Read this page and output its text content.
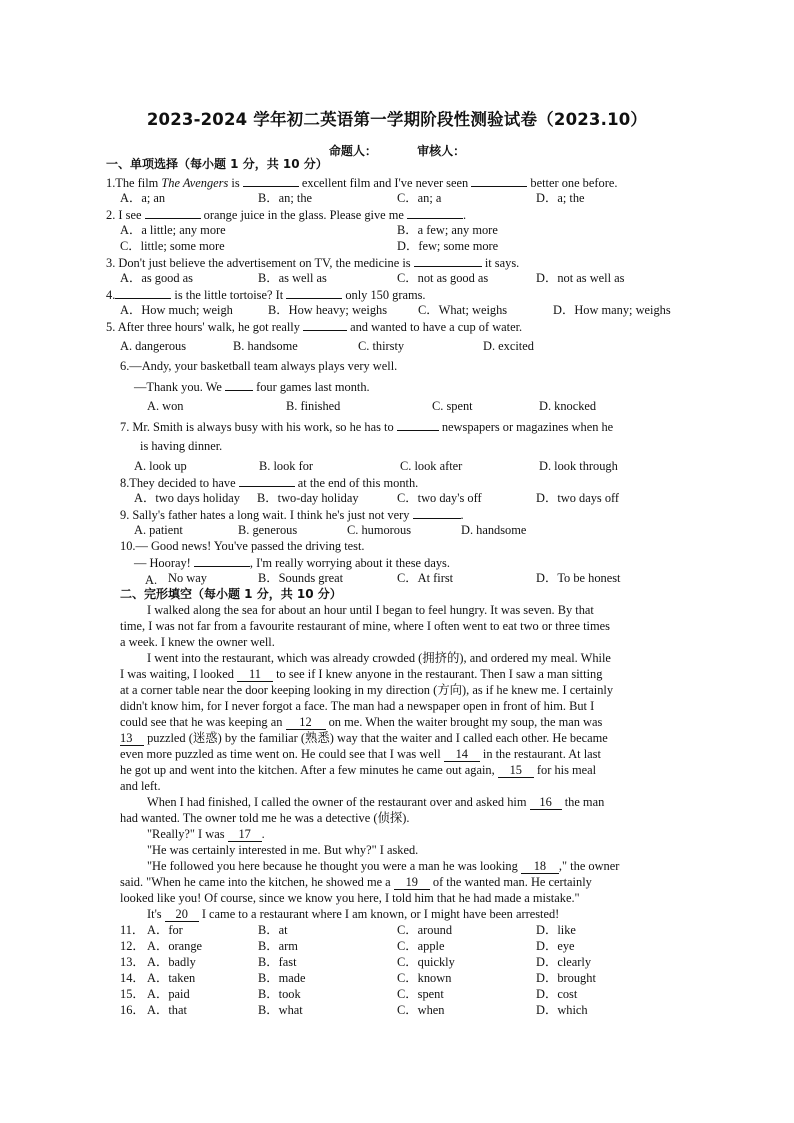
2023-2024 学年初二英语第一学期阶段性测验试卷（2023.10）
命题人：	审核人：
一、单项选择（每小题 1 分，共 10 分）
1.The film The Avengers is	excellent film and I've never seen	better one before.
A．a; an	B．an; the	C．an; a	D．a; the
2. I see	orange juice in the glass. Please give me	.
A．a little; any more	B．a few; any more
C．little; some more	D．few; some more
3. Don't just believe the advertisement on TV, the medicine is	it says.
A．as good as	B．as well as	C．not as good as	D．not as well as
4.	is the little tortoise? It	only 150 grams.
A．How much; weigh	B．How heavy; weighs C．What; weighs	D．How many; weighs
5. After three hours' walk, he got really	and wanted to have a cup of water.
A. dangerous	B. handsome	C. thirsty	D. excited
6.—Andy, your basketball team always plays very well.
—Thank you. We  four games last month.
A. won	B. finished	C. spent	D. knocked
7. Mr. Smith is always busy with his work, so he has to	newspapers or magazines when he
is having dinner.
A. look up	B. look for	C. look after	D. look through
8.They decided to have	at the end of this month.
A．two days holiday B．two-day holiday	C．two day's off	D．two days off
9. Sally's father hates a long wait. I think he's just not very	.
A. patient	B. generous	C. humorous	D. handsome
10.— Good news! You've passed the driving test.
— Hooray!	, I'm really worrying about it these days.
A. No way	B．Sounds great	C．At first	D．To be honest
二、完形填空（每小题 1 分，共 10 分）
I walked along the sea for about an hour until I began to feel hungry. It was seven. By that
time, I was not far from a favourite restaurant of mine, where I often went to eat two or three times
a week. I knew the owner well.
I went into the restaurant, which was already crowded (拥挤的), and ordered my meal. While
I was waiting, I looked 11 to see if I knew anyone in the restaurant. Then I saw a man sitting
at a corner table near the door keeping looking in my direction (方向), as if he knew me. I certainly
didn't know him, for I never forgot a face. The man had a newspaper open in front of him. But I
could see that he was keeping an 12 on me. When the waiter brought my soup, the man was
13 puzzled (迷惑) by the familiar (熟悉) way that the waiter and I called each other. He became
even more puzzled as time went on. He could see that I was well 14 in the restaurant. At last
he got up and went into the kitchen. After a few minutes he came out again, 15 for his meal
and left.
When I had finished, I called the owner of the restaurant over and asked him 16 the man
had wanted. The owner told me he was a detective (侦探).
"Really?" I was 17 .
"He was certainly interested in me. But why?" I asked.
"He followed you here because he thought you were a man he was looking 18 ," the owner
said. "When he came into the kitchen, he showed me a 19 of the wanted man. He certainly
looked like you! Of course, since we know you here, I told him that he had made a mistake."
It's 20 I came to a restaurant where I am known, or I might have been arrested!
11． A．for	B．at	C．around	D．like
12． A．orange	B．arm	C．apple	D．eye
13． A．badly	B．fast	C．quickly	D．clearly
14． A．taken	B．made	C．known	D．brought
15． A．paid	B．took	C．spent	D．cost
16． A．that	B．what	C．when	D．which
